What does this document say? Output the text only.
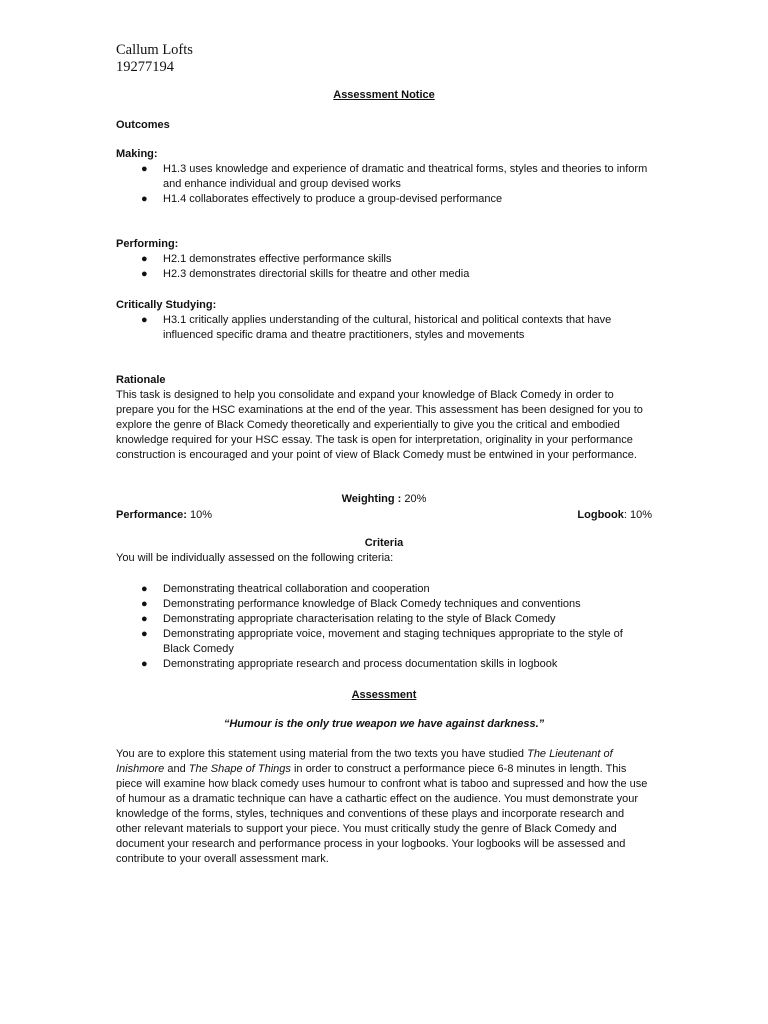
Callum Lofts
19277194
Assessment Notice
Outcomes
Making:
● H1.3 uses knowledge and experience of dramatic and theatrical forms, styles and theories to inform and enhance individual and group devised works
● H1.4 collaborates effectively to produce a group-devised performance
Performing:
● H2.1 demonstrates effective performance skills
● H2.3 demonstrates directorial skills for theatre and other media
Critically Studying:
● H3.1 critically applies understanding of the cultural, historical and political contexts that have influenced specific drama and theatre practitioners, styles and movements
Rationale
This task is designed to help you consolidate and expand your knowledge of Black Comedy in order to prepare you for the HSC examinations at the end of the year. This assessment has been designed for you to explore the genre of Black Comedy theoretically and experientially to give you the critical and embodied knowledge required for your HSC essay. The task is open for interpretation, originality in your performance construction is encouraged and your point of view of Black Comedy must be entwined in your performance.
Weighting : 20%
Performance: 10%	Logbook: 10%
Criteria
You will be individually assessed on the following criteria:
● Demonstrating theatrical collaboration and cooperation
● Demonstrating performance knowledge of Black Comedy techniques and conventions
● Demonstrating appropriate characterisation relating to the style of Black Comedy
● Demonstrating appropriate voice, movement and staging techniques appropriate to the style of Black Comedy
● Demonstrating appropriate research and process documentation skills in logbook
Assessment
“Humour is the only true weapon we have against darkness.”
You are to explore this statement using material from the two texts you have studied The Lieutenant of Inishmore and The Shape of Things in order to construct a performance piece 6-8 minutes in length. This piece will examine how black comedy uses humour to confront what is taboo and supressed and how the use of humour as a dramatic technique can have a cathartic effect on the audience. You must demonstrate your knowledge of the forms, styles, techniques and conventions of these plays and incorporate research and other relevant materials to support your piece. You must critically study the genre of Black Comedy and document your research and performance process in your logbooks. Your logbooks will be assessed and contribute to your overall assessment mark.
